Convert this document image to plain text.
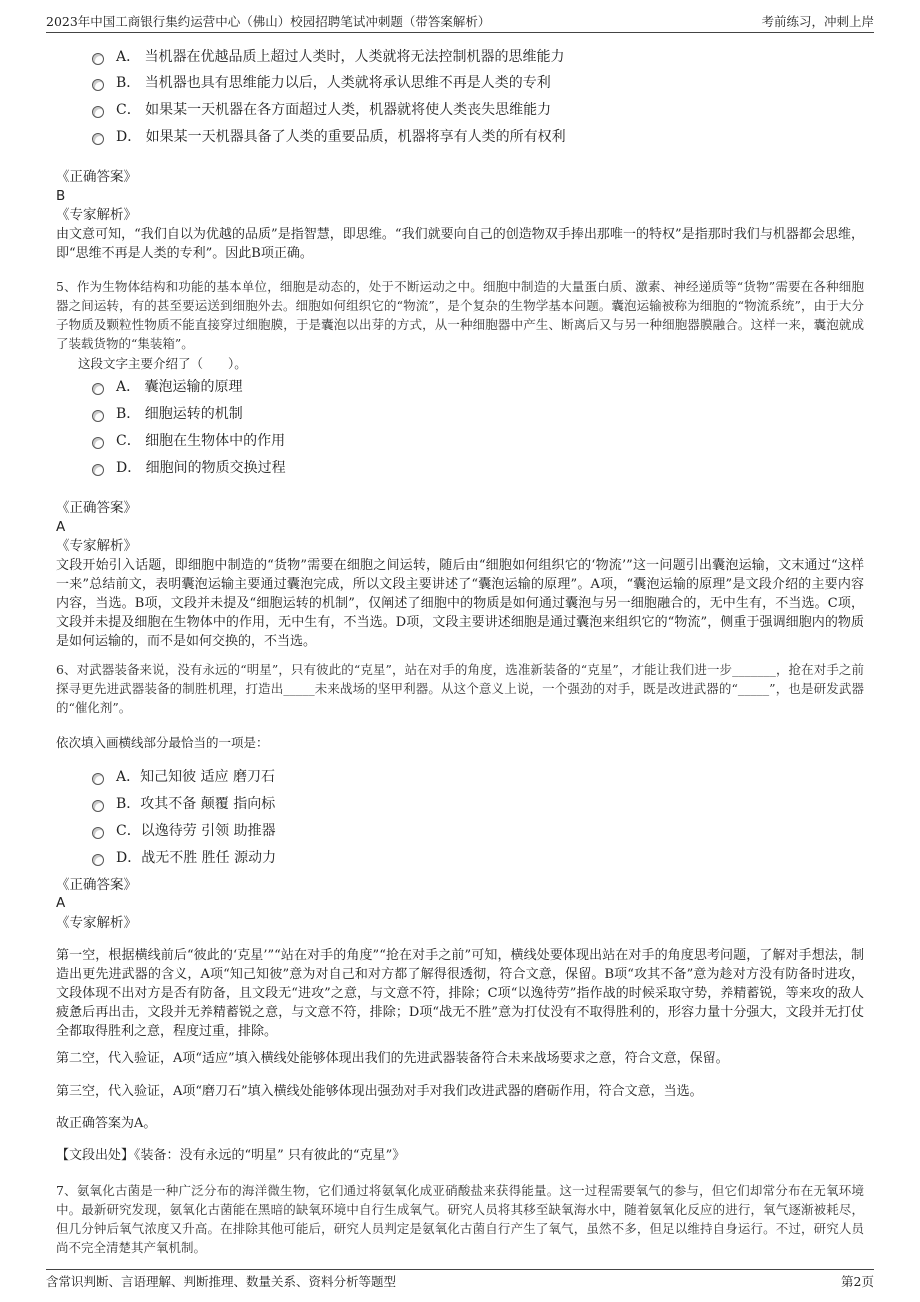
2023年中国工商银行集约运营中心（佛山）校园招聘笔试冲刺题（带答案解析）	考前练习，冲刺上岸
A． 当机器在优越品质上超过人类时，人类就将无法控制机器的思维能力
B． 当机器也具有思维能力以后，人类就将承认思维不再是人类的专利
C． 如果某一天机器在各方面超过人类，机器就将使人类丧失思维能力
D． 如果某一天机器具备了人类的重要品质，机器将享有人类的所有权利
《正确答案》
B
《专家解析》
由文意可知，“我们自以为优越的品质”是指智慧，即思维。“我们就要向自己的创造物双手捧出那唯一的特权”是指那时我们与机器都会思维，即“思维不再是人类的专利”。因此B项正确。
5、作为生物体结构和功能的基本单位，细胞是动态的，处于不断运动之中。细胞中制造的大量蛋白质、激素、神经递质等“货物”需要在各种细胞器之间运转，有的甚至要运送到细胞外去。细胞如何组织它的“物流”，是个复杂的生物学基本问题。囊泡运输被称为细胞的“物流系统”，由于大分子物质及颗粒性物质不能直接穿过细胞膜，于是囊泡以出芽的方式，从一种细胞器中产生、断离后又与另一种细胞器膜融合。这样一来，囊泡就成了装载货物的“集装箱”。
这段文字主要介绍了（　　）。
A． 囊泡运输的原理
B． 细胞运转的机制
C． 细胞在生物体中的作用
D． 细胞间的物质交换过程
《正确答案》
A
《专家解析》
文段开始引入话题，即细胞中制造的“货物”需要在细胞之间运转，随后由“细胞如何组织它的‘物流’”这一问题引出囊泡运输，文末通过“这样一来”总结前文，表明囊泡运输主要通过囊泡完成，所以文段主要讲述了“囊泡运输的原理”。A项，“囊泡运输的原理”是文段介绍的主要内容内容，当选。B项，文段并未提及“细胞运转的机制”，仅阐述了细胞中的物质是如何通过囊泡与另一细胞融合的，无中生有，不当选。C项，文段并未提及细胞在生物体中的作用，无中生有，不当选。D项，文段主要讲述细胞是通过囊泡来组织它的“物流”，侧重于强调细胞内的物质是如何运输的，而不是如何交换的，不当选。
6、对武器装备来说，没有永远的“明星”，只有彼此的“克星”，站在对手的角度，选准新装备的“克星”，才能让我们进一步_______，抢在对手之前探寻更先进武器装备的制胜机理，打造出_____未来战场的坚甲利器。从这个意义上说，一个强劲的对手，既是改进武器的“_____”，也是研发武器的“催化剂”。
依次填入画横线部分最恰当的一项是：
A．知己知彼 适应 磨刀石
B．攻其不备 颠覆 指向标
C．以逸待劳 引领 助推器
D．战无不胜 胜任 源动力
《正确答案》
A
《专家解析》
第一空，根据横线前后“彼此的‘克星’”“站在对手的角度”“抢在对手之前”可知，横线处要体现出站在对手的角度思考问题，了解对手想法，制造出更先进武器的含义，A项“知己知彼”意为对自己和对方都了解得很透彻，符合文意，保留。B项“攻其不备”意为趁对方没有防备时进攻，文段体现不出对方是否有防备，且文段无“进攻”之意，与文意不符，排除；C项“以逸待劳”指作战的时候采取守势，养精蓄锐，等来攻的敌人疲惫后再出击，文段并无养精蓄锐之意，与文意不符，排除；D项“战无不胜”意为打仗没有不取得胜利的，形容力量十分强大，文段并无打仗全都取得胜利之意，程度过重，排除。
第二空，代入验证，A项“适应”填入横线处能够体现出我们的先进武器装备符合未来战场要求之意，符合文意，保留。
第三空，代入验证，A项“磨刀石”填入横线处能够体现出强劲对手对我们改进武器的磨砺作用，符合文意，当选。
故正确答案为A。
【文段出处】《装备：没有永远的“明星” 只有彼此的“克星”》
7、氨氧化古菌是一种广泛分布的海洋微生物，它们通过将氨氧化成亚硝酸盐来获得能量。这一过程需要氧气的参与，但它们却常分布在无氧环境中。最新研究发现，氨氧化古菌能在黑暗的缺氧环境中自行生成氧气。研究人员将其移至缺氧海水中，随着氨氧化反应的进行，氧气逐渐被耗尽，但几分钟后氧气浓度又升高。在排除其他可能后，研究人员判定是氨氧化古菌自行产生了氧气，虽然不多，但足以维持自身运行。不过，研究人员尚不完全清楚其产氧机制。
含常识判断、言语理解、判断推理、数量关系、资料分析等题型	第2页
